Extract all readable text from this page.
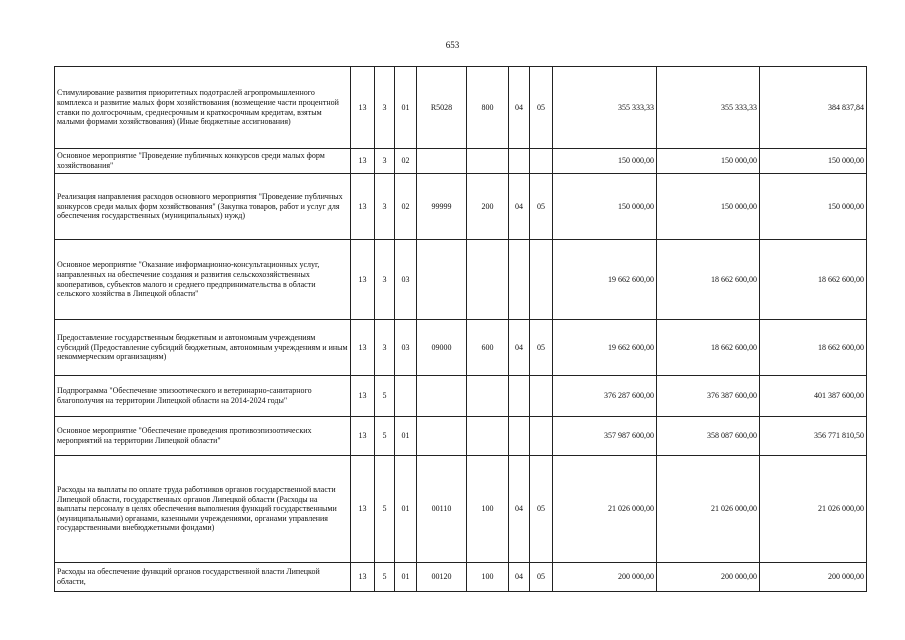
653
Стимулирование развития приоритетных подотраслей агропромышленного комплекса и развитие малых форм хозяйствования (возмещение части процентной ставки по долгосрочным, среднесрочным и краткосрочным кредитам, взятым малыми формами хозяйствования) (Иные бюджетные ассигнования)	13	3	01	R5028	800	04	05	355 333,33	355 333,33	384 837,84
Основное мероприятие "Проведение публичных конкурсов среди малых форм хозяйствования"	13	3	02					150 000,00	150 000,00	150 000,00
Реализация направления расходов основного мероприятия "Проведение публичных конкурсов среди малых форм хозяйствования" (Закупка товаров, работ и услуг для обеспечения государственных (муниципальных) нужд)	13	3	02	99999	200	04	05	150 000,00	150 000,00	150 000,00
Основное мероприятие "Оказание информационно-консультационных услуг, направленных на обеспечение создания и развития сельскохозяйственных кооперативов, субъектов малого и среднего предпринимательства в области сельского хозяйства в Липецкой области"	13	3	03					19 662 600,00	18 662 600,00	18 662 600,00
Предоставление государственным бюджетным и автономным учреждениям субсидий (Предоставление субсидий бюджетным, автономным учреждениям и иным некоммерческим организациям)	13	3	03	09000	600	04	05	19 662 600,00	18 662 600,00	18 662 600,00
Подпрограмма "Обеспечение эпизоотического и ветеринарно-санитарного благополучия на территории Липецкой области на 2014-2024 годы"	13	5						376 287 600,00	376 387 600,00	401 387 600,00
Основное мероприятие "Обеспечение проведения противоэпизоотических мероприятий на территории Липецкой области"	13	5	01					357 987 600,00	358 087 600,00	356 771 810,50
Расходы на выплаты по оплате труда работников органов государственной власти Липецкой области, государственных органов Липецкой области (Расходы на выплаты персоналу в целях обеспечения выполнения функций государственными (муниципальными) органами, казенными учреждениями, органами управления государственными внебюджетными фондами)	13	5	01	00110	100	04	05	21 026 000,00	21 026 000,00	21 026 000,00
Расходы на обеспечение функций органов государственной власти Липецкой области,	13	5	01	00120	100	04	05	200 000,00	200 000,00	200 000,00
